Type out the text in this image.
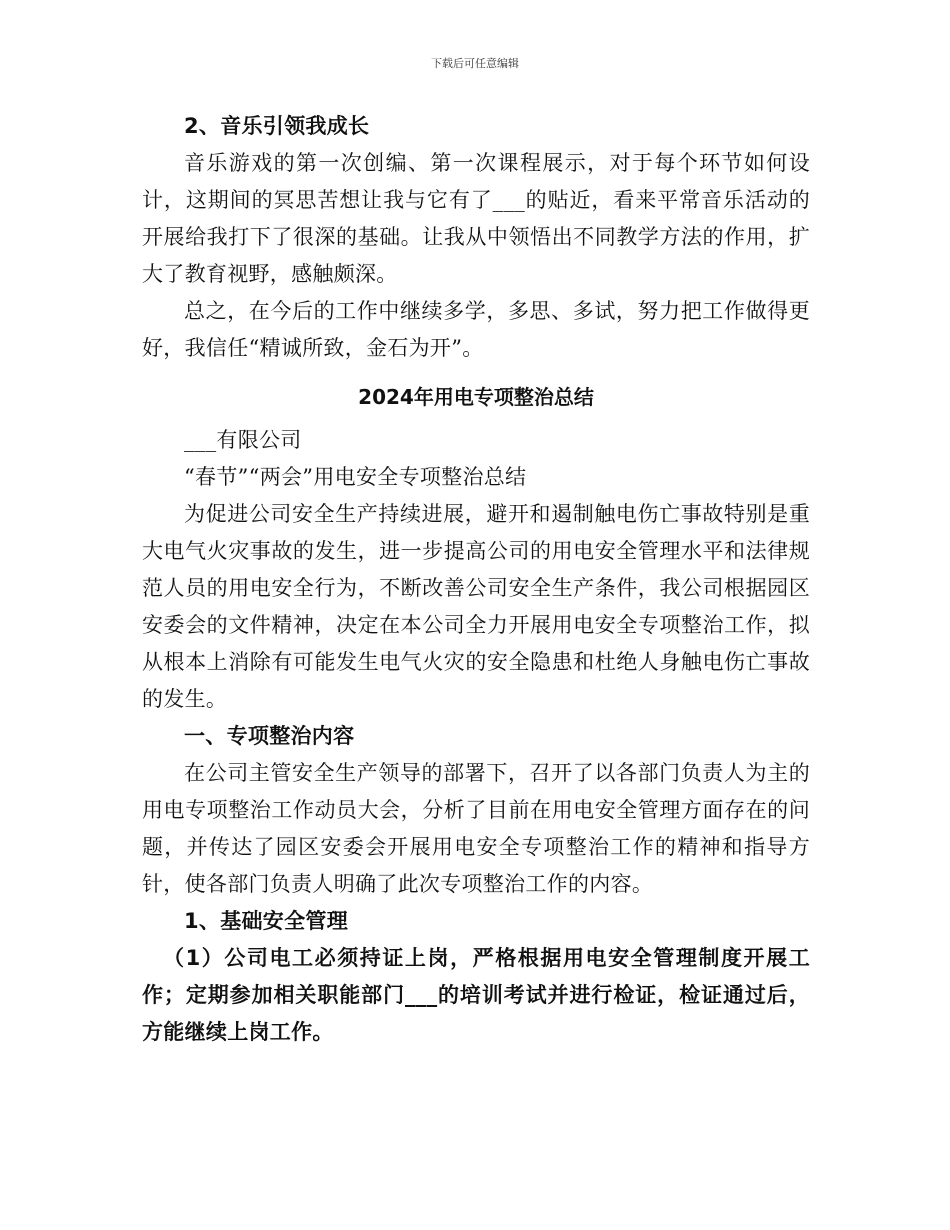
下载后可任意编辑

2、音乐引领我成长

音乐游戏的第一次创编、第一次课程展示，对于每个环节如何设计，这期间的冥思苦想让我与它有了___的贴近，看来平常音乐活动的开展给我打下了很深的基础。让我从中领悟出不同教学方法的作用，扩大了教育视野，感触颇深。

总之，在今后的工作中继续多学，多思、多试，努力把工作做得更好，我信任“精诚所致，金石为开”。

2024年用电专项整治总结

___有限公司

“春节”“两会”用电安全专项整治总结

为促进公司安全生产持续进展，避开和遏制触电伤亡事故特别是重大电气火灾事故的发生，进一步提高公司的用电安全管理水平和法律规范人员的用电安全行为，不断改善公司安全生产条件，我公司根据园区安委会的文件精神，决定在本公司全力开展用电安全专项整治工作，拟从根本上消除有可能发生电气火灾的安全隐患和杜绝人身触电伤亡事故的发生。

一、专项整治内容

在公司主管安全生产领导的部署下，召开了以各部门负责人为主的用电专项整治工作动员大会，分析了目前在用电安全管理方面存在的问题，并传达了园区安委会开展用电安全专项整治工作的精神和指导方针，使各部门负责人明确了此次专项整治工作的内容。

1、基础安全管理

（1）公司电工必须持证上岗，严格根据用电安全管理制度开展工作；定期参加相关职能部门___的培训考试并进行检证，检证通过后，方能继续上岗工作。
